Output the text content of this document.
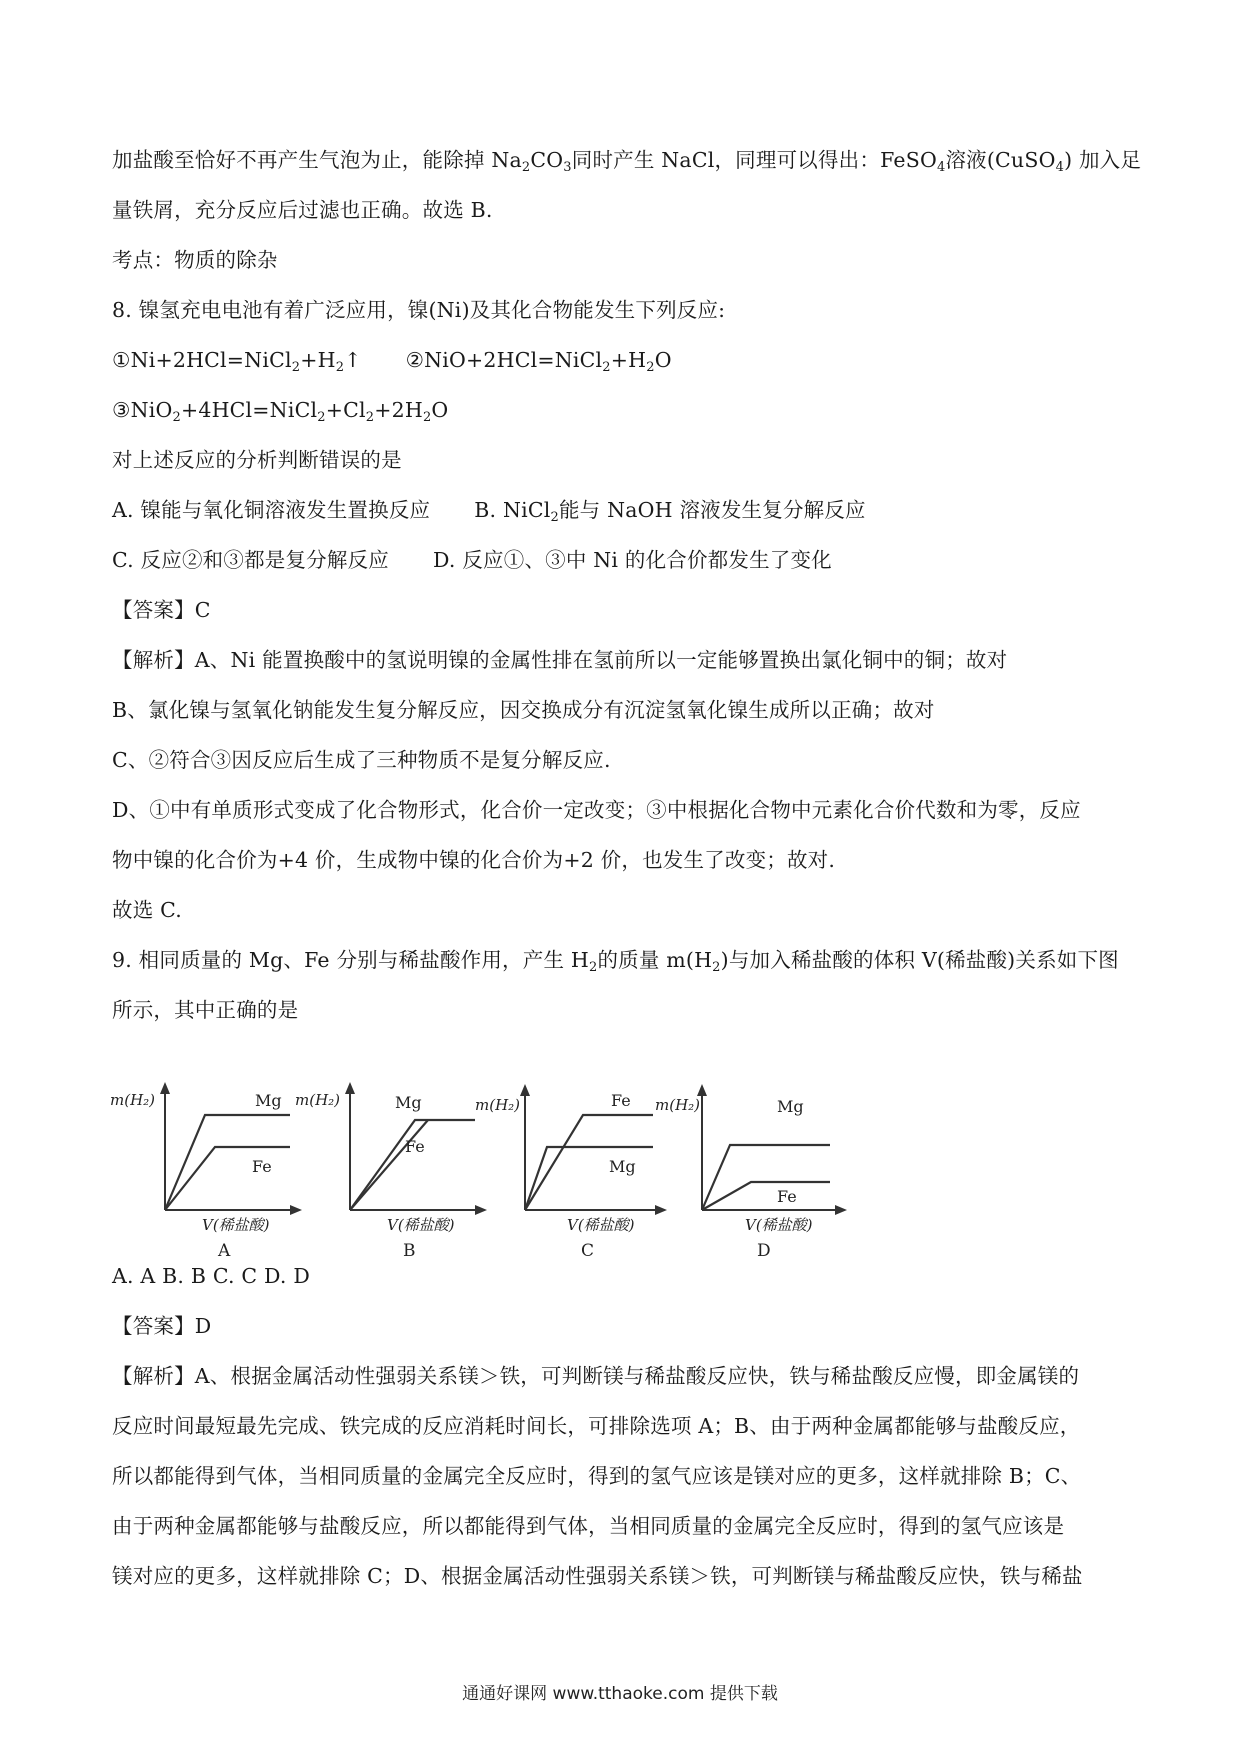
加盐酸至恰好不再产生气泡为止，能除掉 $Na_2CO_3$同时产生 NaCl，同理可以得出：FeSO$_4$溶液(CuSO$_4$) 加入足
量铁屑，充分反应后过滤也正确。故选 B.
考点：物质的除杂
8. 镍氢充电电池有着广泛应用，镍(Ni)及其化合物能发生下列反应:
$①Ni+2HCl=NiCl_2+H_2↑$ $②NiO+2HCl=NiCl_2+H_2O$
$③NiO_2+4HCl=NiCl_2+Cl_2+2H_2O$
对上述反应的分析判断错误的是
A. 镍能与氧化铜溶液发生置换反应 B. NiCl$_2$能与 NaOH 溶液发生复分解反应
C. 反应②和③都是复分解反应 D. 反应①、③中 Ni 的化合价都发生了变化
【答案】C
【解析】A、Ni 能置换酸中的氢说明镍的金属性排在氢前所以一定能够置换出氯化铜中的铜；故对
B、氯化镍与氢氧化钠能发生复分解反应，因交换成分有沉淀氢氧化镍生成所以正确；故对
C、②符合③因反应后生成了三种物质不是复分解反应.
D、①中有单质形式变成了化合物形式，化合价一定改变；③中根据化合物中元素化合价代数和为零，反应
物中镍的化合价为+4 价，生成物中镍的化合价为+2 价，也发生了改变；故对.
故选 C.
9. 相同质量的 Mg、Fe 分别与稀盐酸作用，产生 $H_2$的质量 $m(H_2)$与加入稀盐酸的体积 V(稀盐酸)关系如下图
所示，其中正确的是
m(H₂)	Mg
Fe
V(稀盐酸)
A
m(H₂)	Mg
Fe
V(稀盐酸)
B
m(H₂)	Fe
Mg
V(稀盐酸)
C
m(H₂)	Mg
Fe
V(稀盐酸)
D
A. A B. B C. C D. D
【答案】D
【解析】A、根据金属活动性强弱关系镁＞铁，可判断镁与稀盐酸反应快，铁与稀盐酸反应慢，即金属镁的
反应时间最短最先完成、铁完成的反应消耗时间长，可排除选项 A；B、由于两种金属都能够与盐酸反应，
所以都能得到气体，当相同质量的金属完全反应时，得到的氢气应该是镁对应的更多，这样就排除 B；C、
由于两种金属都能够与盐酸反应，所以都能得到气体，当相同质量的金属完全反应时，得到的氢气应该是
镁对应的更多，这样就排除 C；D、根据金属活动性强弱关系镁＞铁，可判断镁与稀盐酸反应快，铁与稀盐
通通好课网 www.tthaoke.com 提供下载
